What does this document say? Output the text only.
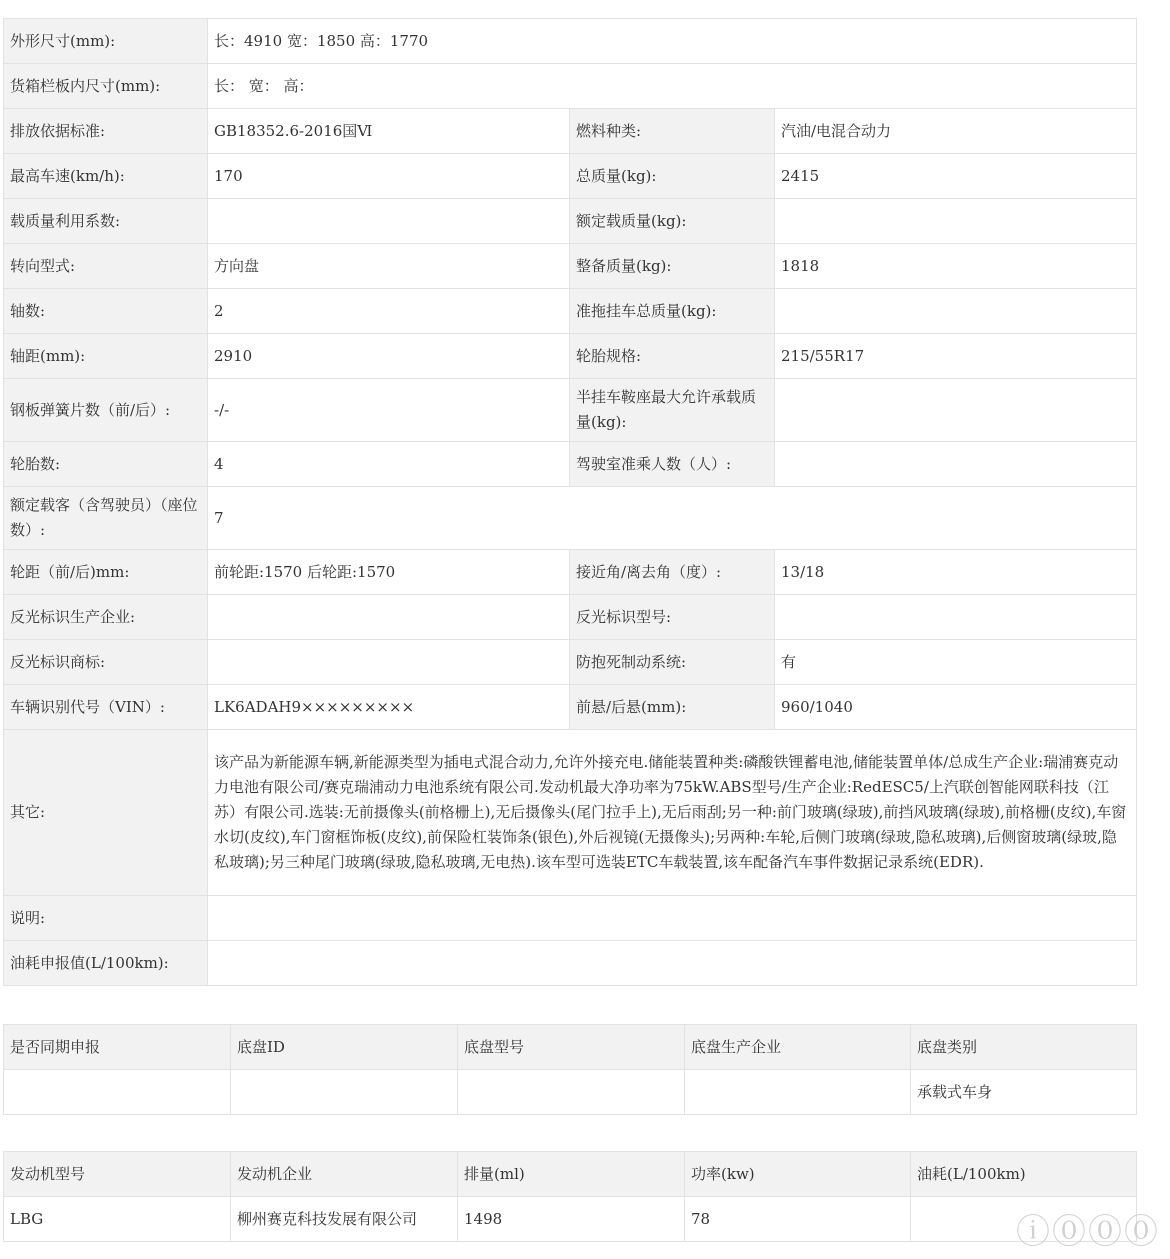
外形尺寸(mm):	长：4910 宽：1850 高：1770		
货箱栏板内尺寸(mm):	长： 宽： 高：		
排放依据标准:	GB18352.6-2016国Ⅵ	燃料种类:	汽油/电混合动力
最高车速(km/h):	170	总质量(kg):	2415
载质量利用系数:		额定载质量(kg):	
转向型式:	方向盘	整备质量(kg):	1818
轴数:	2	准拖挂车总质量(kg):	
轴距(mm):	2910	轮胎规格:	215/55R17
钢板弹簧片数（前/后）:	-/-	半挂车鞍座最大允许承载质量(kg):	
轮胎数:	4	驾驶室准乘人数（人）:	
额定载客（含驾驶员）（座位数）:	7		
轮距（前/后)mm:	前轮距:1570 后轮距:1570	接近角/离去角（度）:	13/18
反光标识生产企业:		反光标识型号:	
反光标识商标:		防抱死制动系统:	有
车辆识别代号（VIN）:	LK6ADAH9×××××××××	前悬/后悬(mm):	960/1040
其它:	该产品为新能源车辆,新能源类型为插电式混合动力,允许外接充电.储能装置种类:磷酸铁锂蓄电池,储能装置单体/总成生产企业:瑞浦赛克动力电池有限公司/赛克瑞浦动力电池系统有限公司.发动机最大净功率为75kW.ABS型号/生产企业:RedESC5/上汽联创智能网联科技（江苏）有限公司.选装:无前摄像头(前格栅上),无后摄像头(尾门拉手上),无后雨刮;另一种:前门玻璃(绿玻),前挡风玻璃(绿玻),前格栅(皮纹),车窗水切(皮纹),车门窗框饰板(皮纹),前保险杠装饰条(银色),外后视镜(无摄像头);另两种:车轮,后侧门玻璃(绿玻,隐私玻璃),后侧窗玻璃(绿玻,隐私玻璃);另三种尾门玻璃(绿玻,隐私玻璃,无电热).该车型可选装ETC车载装置,该车配备汽车事件数据记录系统(EDR).		
说明:			
油耗申报值(L/100km):			
是否同期申报	底盘ID	底盘型号	底盘生产企业	底盘类别
				承载式车身
发动机型号	发动机企业	排量(ml)	功率(kw)	油耗(L/100km)
LBG	柳州赛克科技发展有限公司	1498	78		ⓘ⓪⓪⓪
